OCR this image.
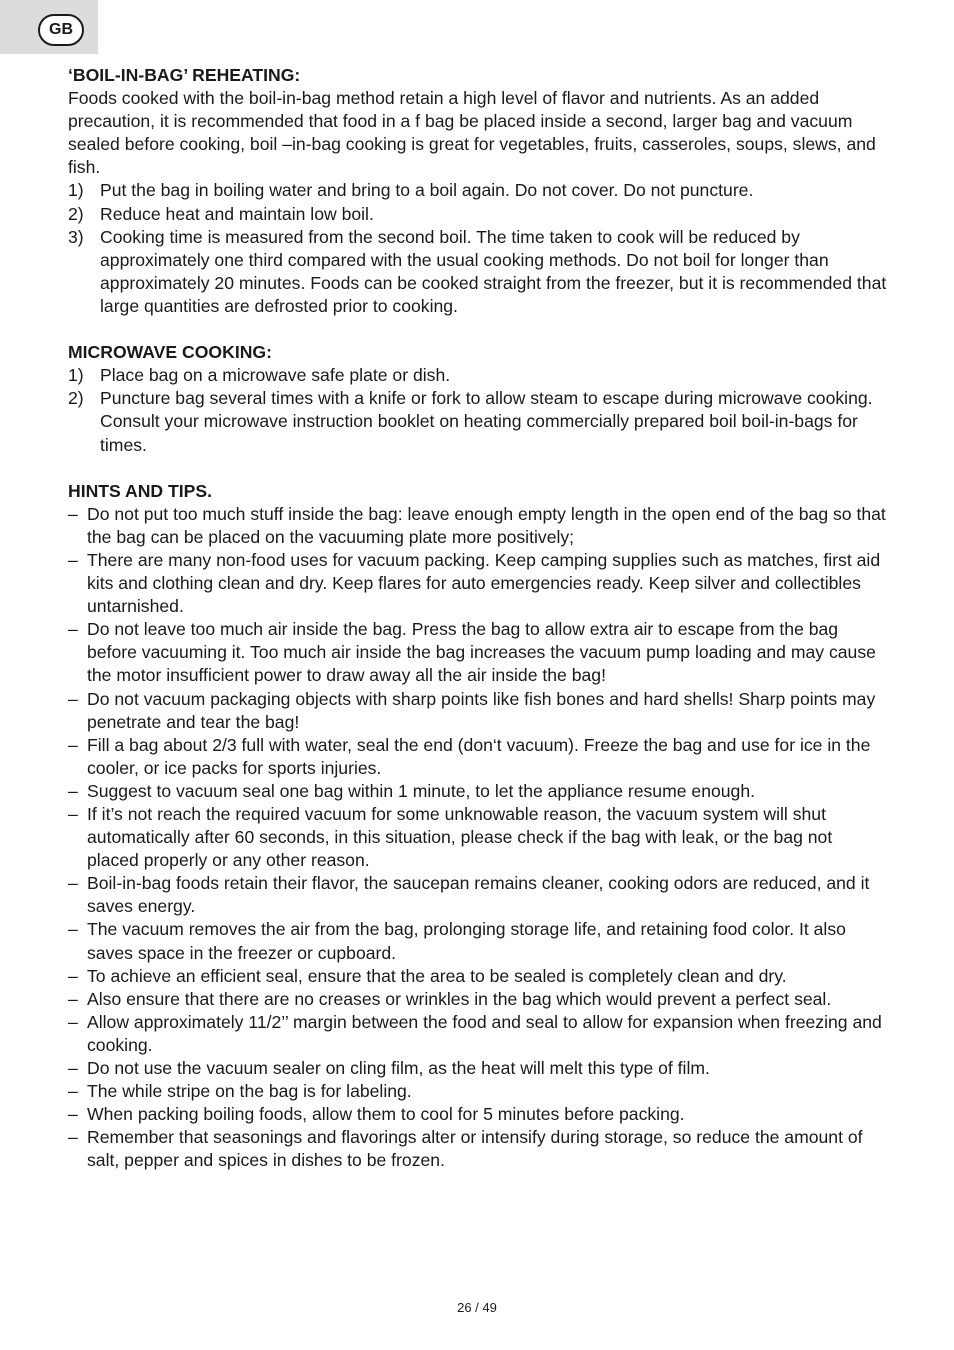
GB

‘BOIL-IN-BAG’ REHEATING:

Foods cooked with the boil-in-bag method retain a high level of flavor and nutrients. As an added precaution, it is recommended that food in a f bag be placed inside a second, larger bag and vacuum sealed before cooking, boil –in-bag cooking is great for vegetables, fruits, casseroles, soups, slews, and fish.

1) Put the bag in boiling water and bring to a boil again. Do not cover. Do not puncture.
2) Reduce heat and maintain low boil.
3) Cooking time is measured from the second boil. The time taken to cook will be reduced by approximately one third compared with the usual cooking methods. Do not boil for longer than approximately 20 minutes. Foods can be cooked straight from the freezer, but it is recommended that large quantities are defrosted prior to cooking.

MICROWAVE COOKING:

1) Place bag on a microwave safe plate or dish.
2) Puncture bag several times with a knife or fork to allow steam to escape during microwave cooking. Consult your microwave instruction booklet on heating commercially prepared boil boil-in-bags for times.

HINTS AND TIPS.

– Do not put too much stuff inside the bag: leave enough empty length in the open end of the bag so that the bag can be placed on the vacuuming plate more positively;
– There are many non-food uses for vacuum packing. Keep camping supplies such as matches, first aid kits and clothing clean and dry. Keep flares for auto emergencies ready. Keep silver and collectibles untarnished.
– Do not leave too much air inside the bag. Press the bag to allow extra air to escape from the bag before vacuuming it. Too much air inside the bag increases the vacuum pump loading and may cause the motor insufficient power to draw away all the air inside the bag!
– Do not vacuum packaging objects with sharp points like fish bones and hard shells! Sharp points may penetrate and tear the bag!
– Fill a bag about 2/3 full with water, seal the end (don‘t vacuum). Freeze the bag and use for ice in the cooler, or ice packs for sports injuries.
– Suggest to vacuum seal one bag within 1 minute, to let the appliance resume enough.
– If it’s not reach the required vacuum for some unknowable reason, the vacuum system will shut automatically after 60 seconds, in this situation, please check if the bag with leak, or the bag not placed properly or any other reason.
– Boil-in-bag foods retain their flavor, the saucepan remains cleaner, cooking odors are reduced, and it saves energy.
– The vacuum removes the air from the bag, prolonging storage life, and retaining food color. It also saves space in the freezer or cupboard.
– To achieve an efficient seal, ensure that the area to be sealed is completely clean and dry.
– Also ensure that there are no creases or wrinkles in the bag which would prevent a perfect seal.
– Allow approximately 11/2’’ margin between the food and seal to allow for expansion when freezing and cooking.
– Do not use the vacuum sealer on cling film, as the heat will melt this type of film.
– The while stripe on the bag is for labeling.
– When packing boiling foods, allow them to cool for 5 minutes before packing.
– Remember that seasonings and flavorings alter or intensify during storage, so reduce the amount of salt, pepper and spices in dishes to be frozen.
26 / 49
